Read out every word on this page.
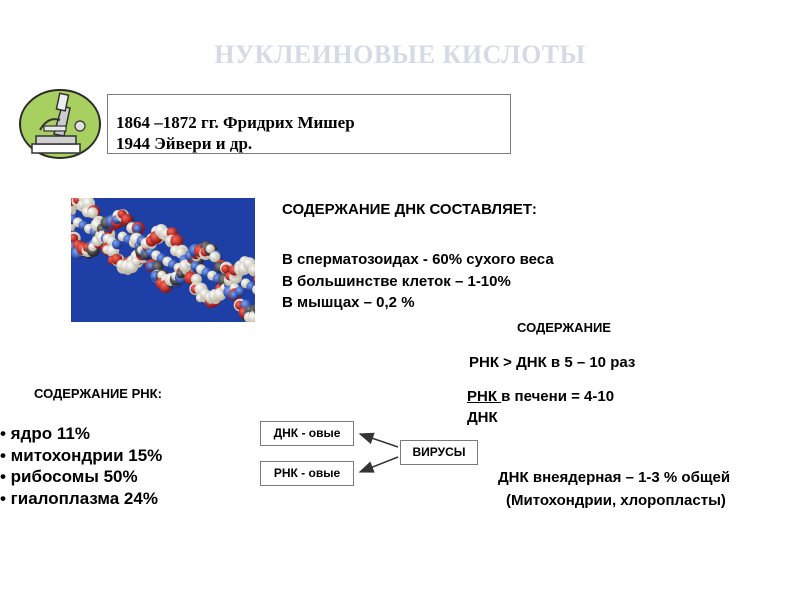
НУКЛЕИНОВЫЕ КИСЛОТЫ
1864 –1872 гг. Фридрих Мишер
1944 Эйвери и др.
СОДЕРЖАНИЕ ДНК СОСТАВЛЯЕТ:
В сперматозоидах - 60% сухого веса
В большинстве клеток – 1-10%
В мышцах – 0,2 %
СОДЕРЖАНИЕ
РНК > ДНК в 5 – 10 раз
РНК в печени = 4-10
ДНК
ДНК внеядерная – 1-3 % общей
(Митохондрии, хлоропласты)
СОДЕРЖАНИЕ РНК:
• ядро 11%
• митохондрии 15%
• рибосомы 50%
• гиалоплазма 24%
ДНК - овые
РНК - овые
ВИРУСЫ
